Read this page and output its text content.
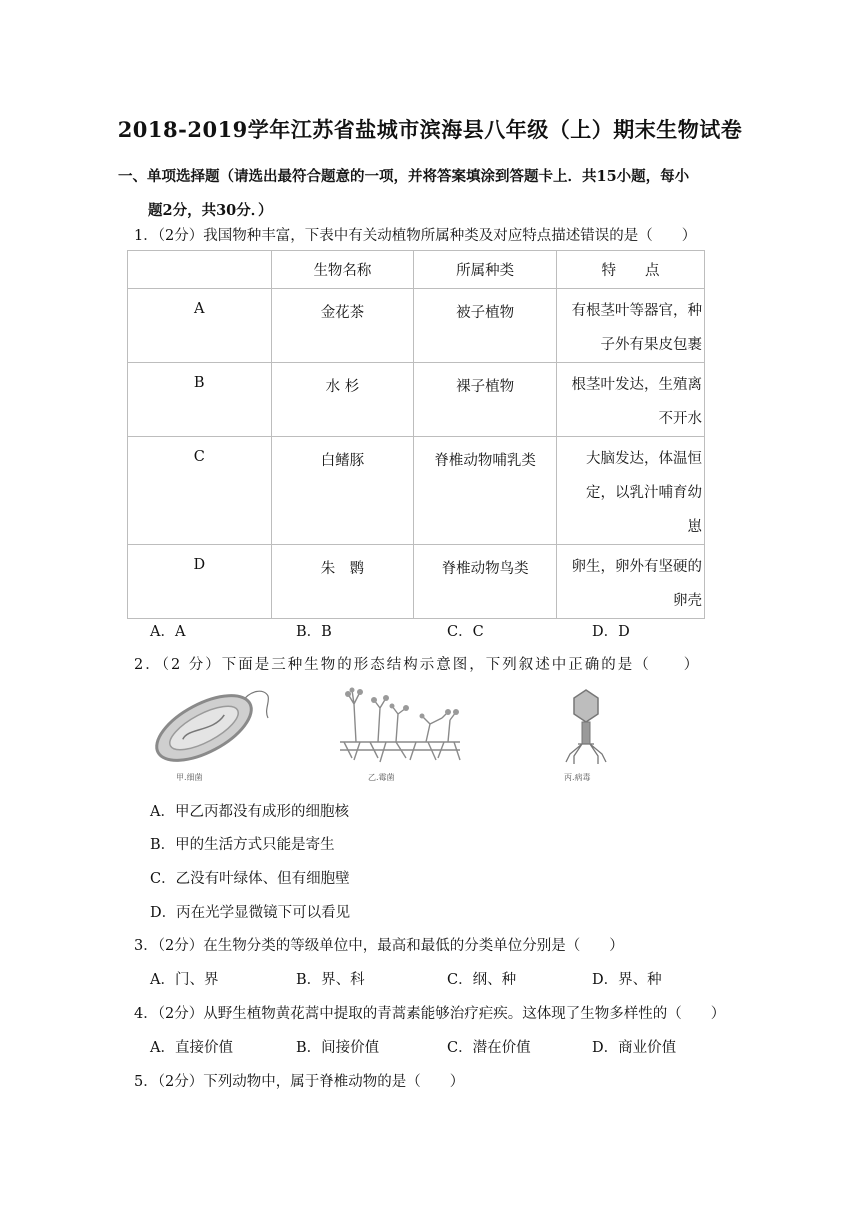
2018-2019学年江苏省盐城市滨海县八年级（上）期末生物试卷
一、单项选择题（请选出最符合题意的一项，并将答案填涂到答题卡上．共15小题，每小
题2分，共30分．）
1．（2分）我国物种丰富，下表中有关动植物所属种类及对应特点描述错误的是（　　）
	生物名称	所属种类	特　　点
A	金花茶	被子植物	有根茎叶等器官，种
子外有果皮包裹

B	水 杉	裸子植物	根茎叶发达，生殖离
不开水

C	白鳍豚	脊椎动物哺乳类	大脑发达，体温恒
定，以乳汁哺育幼
崽

D	朱　鹮	脊椎动物鸟类	卵生，卵外有坚硬的
卵壳
A．A	B．B	C．C	D．D
2．（2 分）下面是三种生物的形态结构示意图，下列叙述中正确的是（　　）
甲.细菌	乙.霉菌	丙.病毒
A．甲乙丙都没有成形的细胞核
B．甲的生活方式只能是寄生
C．乙没有叶绿体、但有细胞壁
D．丙在光学显微镜下可以看见
3．（2分）在生物分类的等级单位中，最高和最低的分类单位分别是（　　）
A．门、界	B．界、科	C．纲、种	D．界、种
4．（2分）从野生植物黄花蒿中提取的青蒿素能够治疗疟疾。这体现了生物多样性的（　　）
A．直接价值	B．间接价值	C．潜在价值	D．商业价值
5．（2分）下列动物中，属于脊椎动物的是（　　）
